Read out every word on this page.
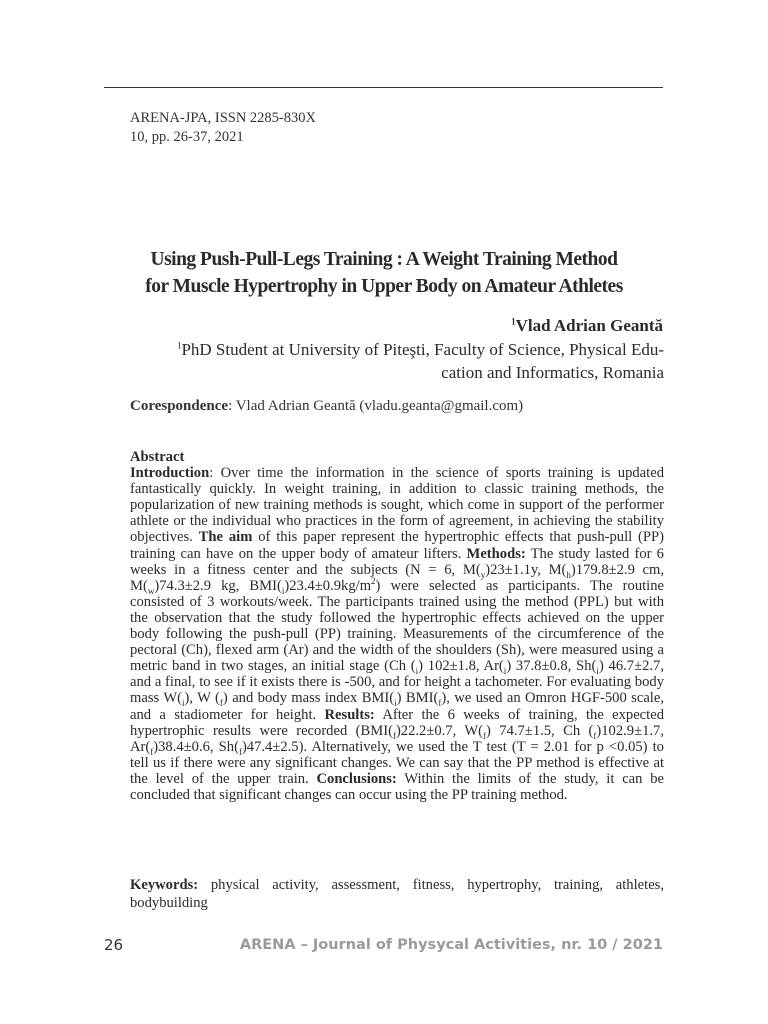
ARENA-JPA, ISSN 2285-830X
10, pp. 26-37, 2021
Using Push-Pull-Legs Training : A Weight Training Method
for Muscle Hypertrophy in Upper Body on Amateur Athletes
$^1$Vlad Adrian Geantă
$^1$PhD Student at University of Piteşti, Faculty of Science, Physical Edu-
cation and Informatics, Romania
Corespondence: Vlad Adrian Geantă (vladu.geanta@gmail.com)
Abstract
Introduction: Over time the information in the science of sports training is updated fantastically quickly. In weight training, in addition to classic training methods, the popularization of new training methods is sought, which come in support of the performer athlete or the individual who practices in the form of agreement, in achieving the stability objectives. The aim of this paper represent the hypertrophic effects that push-pull (PP) training can have on the upper body of amateur lifters. Methods: The study lasted for 6 weeks in a fitness center and the subjects (N = 6, $M(_y)23\pm 1.1y$, $M(_h)179.8\pm 2.9$ cm, $M(_w)74.3\pm 2.9$ kg, $BMI(_i)23.4\pm 0.9kg/m^2$) were selected as participants. The routine consisted of 3 workouts/week. The participants trained using the method (PPL) but with the observation that the study followed the hypertrophic effects achieved on the upper body following the push-pull (PP) training. Measurements of the circumference of the pectoral (Ch), flexed arm (Ar) and the width of the shoulders (Sh), were measured using a metric band in two stages, an initial stage (Ch $(_i)$ 102±1.8, $Ar(_i)$ 37.8±0.8, $Sh(_i)$ 46.7±2.7, and a final, to see if it exists there is -500, and for height a tachometer. For evaluating body mass $W(_i)$, W $(_f)$ and body mass index $BMI(_i)$ $BMI(_f)$, we used an Omron HGF-500 scale, and a stadiometer for height. Results: After the 6 weeks of training, the expected hypertrophic results were recorded ($BMI(_f)22.2\pm 0.7$, $W(_f)$ 74.7±1.5, Ch $(_f)102.9\pm 1.7$, $Ar(_f)38.4\pm 0.6$, $Sh(_f)47.4\pm 2.5$). Alternatively, we used the T test (T = 2.01 for p <0.05) to tell us if there were any significant changes. We can say that the PP method is effective at the level of the upper train. Conclusions: Within the limits of the study, it can be concluded that significant changes can occur using the PP training method.
Keywords: physical activity, assessment, fitness, hypertrophy, training, athletes, bodybuilding
26	ARENA – Journal of Physycal Activities, nr. 10 / 2021
